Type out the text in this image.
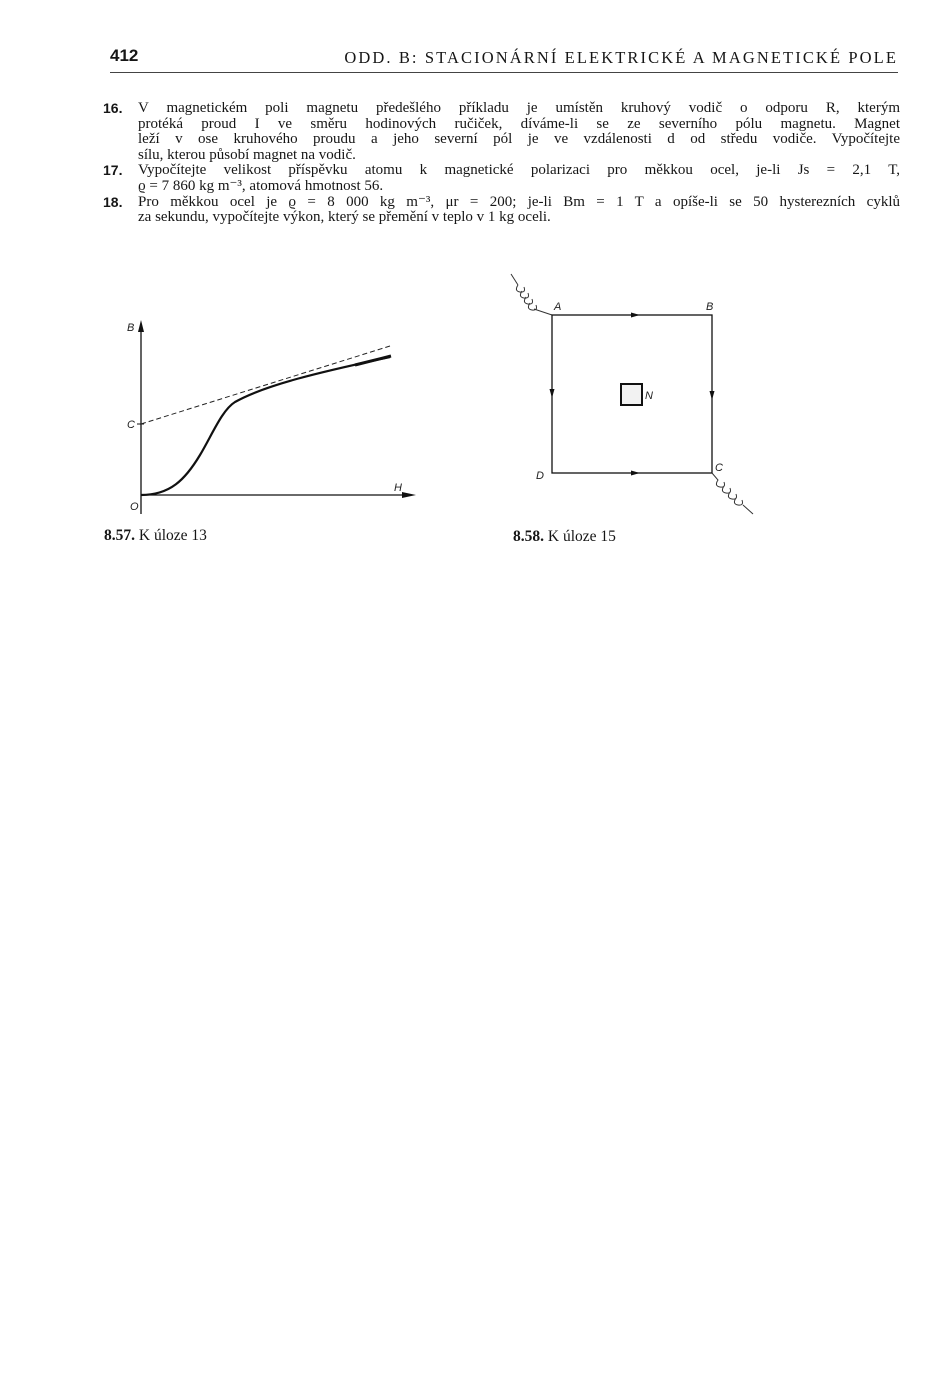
412	ODD. B: STACIONÁRNÍ ELEKTRICKÉ A MAGNETICKÉ POLE
16. V magnetickém poli magnetu předešlého příkladu je umístěn kruhový vodič o odporu R, kterým
protéká proud I ve směru hodinových ručiček, díváme-li se ze severního pólu magnetu. Magnet
leží v ose kruhového proudu a jeho severní pól je ve vzdálenosti d od středu vodiče. Vypočítejte
sílu, kterou působí magnet na vodič.
17. Vypočítejte velikost příspěvku atomu k magnetické polarizaci pro měkkou ocel, je-li Js = 2,1 T,
ϱ = 7 860 kg m⁻³, atomová hmotnost 56.
18. Pro měkkou ocel je ϱ = 8 000 kg m⁻³, μr = 200; je-li Bm = 1 T a opíše-li se 50 hysterezních cyklů
za sekundu, vypočítejte výkon, který se přemění v teplo v 1 kg oceli.
B
C
O
H
8.57. K úloze 13
A	B
C
D
N
8.58. K úloze 15
